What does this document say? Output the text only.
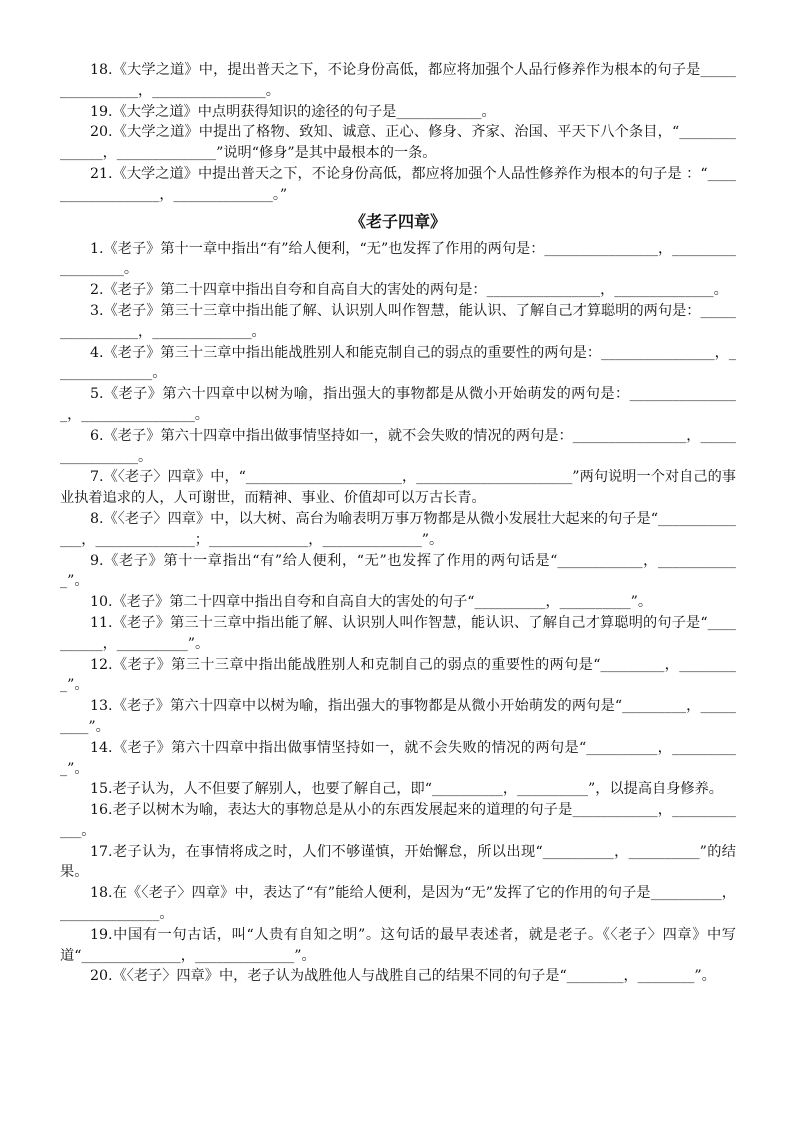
18.《大学之道》中，提出普天之下，不论身份高低，都应将加强个人品行修养作为根本的句子是________________，________________。

19.《大学之道》中点明获得知识的途径的句子是____________。

20.《大学之道》中提出了格物、致知、诚意、正心、修身、齐家、治国、平天下八个条目，“______________，______________”说明“修身”是其中最根本的一条。

21.《大学之道》中提出普天之下，不论身份高低，都应将加强个人品性修养作为根本的句子是 ：“__________________，______________。”

《老子四章》

1.《老子》第十一章中指出“有”给人便利，“无”也发挥了作用的两句是：________________，__________________。

2.《老子》第二十四章中指出自夸和自高自大的害处的两句是：________________，______________。

3.《老子》第三十三章中指出能了解、认识别人叫作智慧，能认识、了解自己才算聪明的两句是：________________，______________。

4.《老子》第三十三章中指出能战胜别人和能克制自己的弱点的重要性的两句是：________________，______________。

5.《老子》第六十四章中以树为喻，指出强大的事物都是从微小开始萌发的两句是：________________，________________。

6.《老子》第六十四章中指出做事情坚持如一，就不会失败的情况的两句是：________________，________________。

7.《〈老子〉四章》中，“______________________，______________________”两句说明一个对自己的事业执着追求的人，人可谢世，而精神、事业、价值却可以万古长青。

8.《〈老子〉四章》中，以大树、高台为喻表明万事万物都是从微小发展壮大起来的句子是“______________，______________；______________，______________”。

9.《老子》第十一章指出“有”给人便利，“无”也发挥了作用的两句话是“____________，____________”。

10.《老子》第二十四章中指出自夸和自高自大的害处的句子“__________，__________”。

11.《老子》第三十三章中指出能了解、认识别人叫作智慧，能认识、了解自己才算聪明的句子是“__________，__________”。

12.《老子》第三十三章中指出能战胜别人和克制自己的弱点的重要性的两句是“_________，_________”。

13.《老子》第六十四章中以树为喻，指出强大的事物都是从微小开始萌发的两句是“_________，_________”。

14.《老子》第六十四章中指出做事情坚持如一，就不会失败的情况的两句是“__________，__________”。

15.老子认为，人不但要了解别人，也要了解自己，即“__________，__________”，以提高自身修养。

16.老子以树木为喻，表达大的事物总是从小的东西发展起来的道理的句子是____________，____________。

17.老子认为，在事情将成之时，人们不够谨慎，开始懈怠，所以出现“__________，__________”的结果。

18.在《〈老子〉四章》中，表达了“有”能给人便利，是因为“无”发挥了它的作用的句子是__________，______________。

19.中国有一句古话，叫“人贵有自知之明”。这句话的最早表述者，就是老子。《〈老子〉四章》中写道“______________，______________”。

20.《〈老子〉四章》中，老子认为战胜他人与战胜自己的结果不同的句子是“________，________”。
